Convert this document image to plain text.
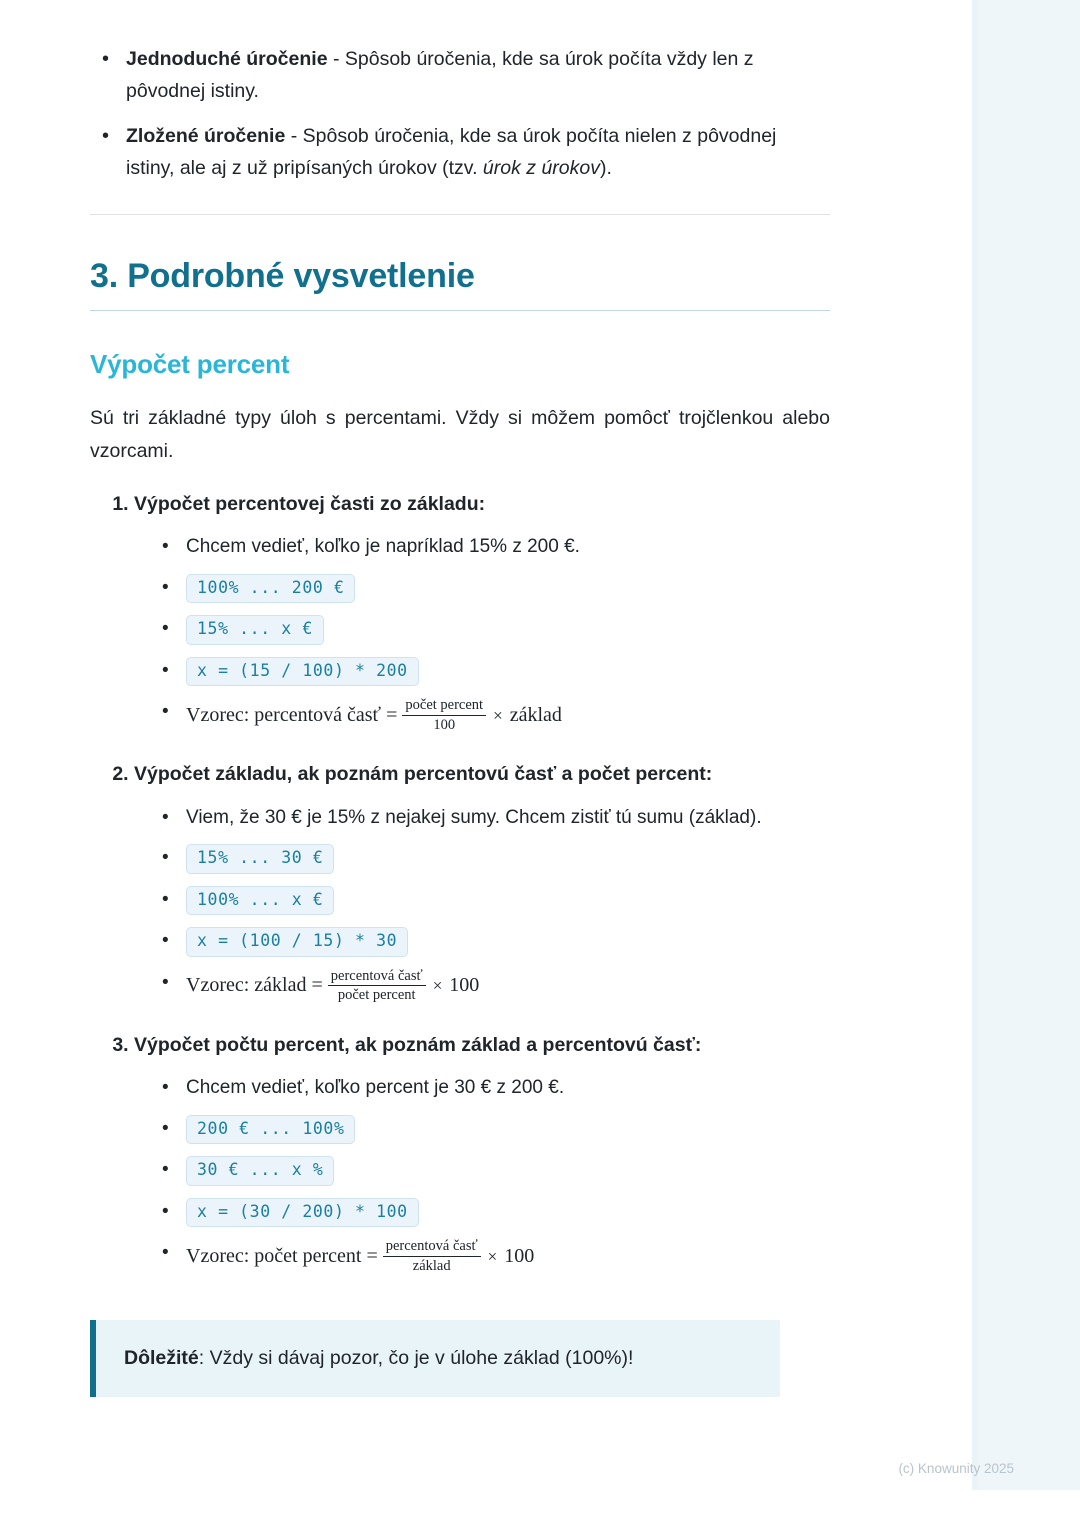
• Jednoduché úročenie - Spôsob úročenia, kde sa úrok počíta vždy len z pôvodnej istiny.
• Zložené úročenie - Spôsob úročenia, kde sa úrok počíta nielen z pôvodnej istiny, ale aj z už pripísaných úrokov (tzv. úrok z úrokov).
3. Podrobné vysvetlenie
Výpočet percent

Sú tri základné typy úloh s percentami. Vždy si môžem pomôcť trojčlenkou alebo vzorcami.

1. Výpočet percentovej časti zo základu:
• Chcem vedieť, koľko je napríklad 15% z 200 €.
• 100% ... 200 €
• 15% ... x €
• x = (15 / 100) * 200
• Vzorec: percentová časť = $\frac{\text{počet percent}}{100}$ × základ
2. Výpočet základu, ak poznám percentovú časť a počet percent:
• Viem, že 30 € je 15% z nejakej sumy. Chcem zistiť tú sumu (základ).
• 15% ... 30 €
• 100% ... x €
• x = (100 / 15) * 30
• Vzorec: základ = $\frac{\text{percentová časť}}{\text{počet percent}} \times 100$
3. Výpočet počtu percent, ak poznám základ a percentovú časť:
• Chcem vedieť, koľko percent je 30 € z 200 €.
• 200 € ... 100%
• 30 € ... x %
• x = (30 / 200) * 100
• Vzorec: počet percent = $\frac{\text{percentová časť}}{\text{základ}} \times 100$

Dôležité: Vždy si dávaj pozor, čo je v úlohe základ (100%)!

(c) Knowunity 2025
